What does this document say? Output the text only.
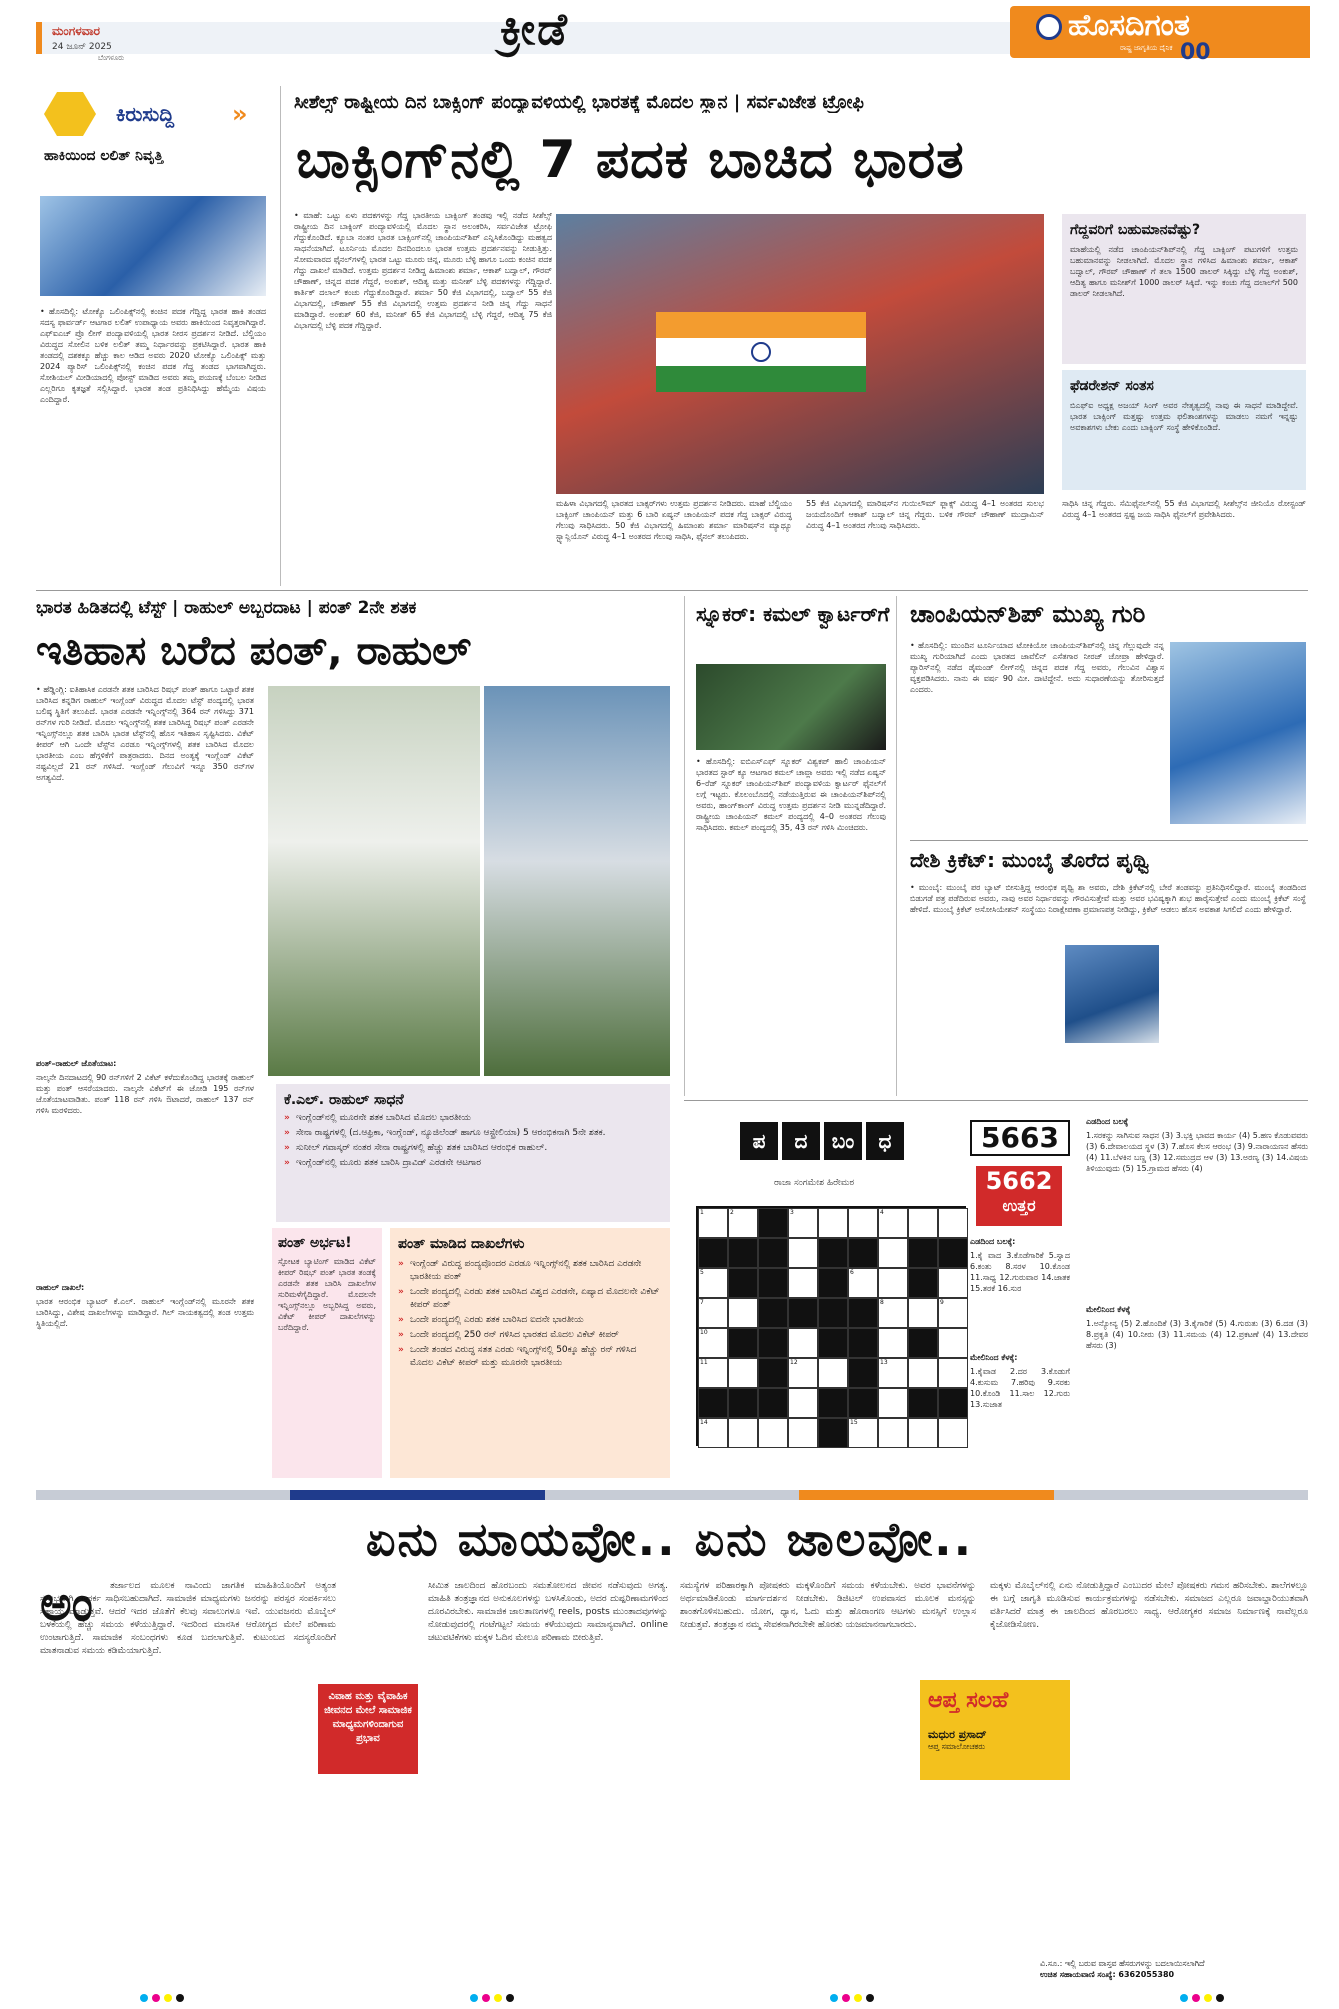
ಮಂಗಳವಾರ
24 ಜೂನ್ 2025
ಬೆಂಗಳೂರು
ಕ್ರೀಡೆ	ಹೊಸದಿಗಂತ
ರಾಷ್ಟ್ರ ಜಾಗೃತಿಯ ದೈನಿಕ 00
ಕಿರುಸುದ್ದಿ »
ಹಾಕಿಯಿಂದ ಲಲಿತ್ ನಿವೃತ್ತಿ
• ಹೊಸದಿಲ್ಲಿ: ಟೋಕ್ಯೊ ಒಲಿಂಪಿಕ್ಸ್‌ನಲ್ಲಿ ಕಂಚಿನ ಪದಕ ಗೆದ್ದಿದ್ದ ಭಾರತ ಹಾಕಿ ತಂಡದ ಸದಸ್ಯ ಫಾರ್ವರ್ಡ್ ಆಟಗಾರ ಲಲಿತ್ ಉಪಾಧ್ಯಾಯ ಅವರು ಹಾಕಿಯಿಂದ ನಿವೃತ್ತರಾಗಿದ್ದಾರೆ. ಎಫ್‌ಐಎಚ್ ಪ್ರೊ ಲೀಗ್ ಪಂದ್ಯಾವಳಿಯಲ್ಲಿ ಭಾರತ ನೀರಸ ಪ್ರದರ್ಶನ ನೀಡಿದೆ. ಬೆಲ್ಜಿಯಂ ವಿರುದ್ಧದ ಸೋಲಿನ ಬಳಿಕ ಲಲಿತ್ ತಮ್ಮ ನಿರ್ಧಾರವನ್ನು ಪ್ರಕಟಿಸಿದ್ದಾರೆ. ಭಾರತ ಹಾಕಿ ತಂಡದಲ್ಲಿ ದಶಕಕ್ಕೂ ಹೆಚ್ಚು ಕಾಲ ಆಡಿದ ಅವರು 2020 ಟೋಕ್ಯೊ ಒಲಿಂಪಿಕ್ಸ್ ಮತ್ತು 2024 ಪ್ಯಾರಿಸ್ ಒಲಿಂಪಿಕ್ಸ್‌ನಲ್ಲಿ ಕಂಚಿನ ಪದಕ ಗೆದ್ದ ತಂಡದ ಭಾಗವಾಗಿದ್ದರು. ಸೋಶಿಯಲ್ ಮೀಡಿಯಾದಲ್ಲಿ ಪೋಸ್ಟ್ ಮಾಡಿದ ಅವರು ತಮ್ಮ ಪಯಣಕ್ಕೆ ಬೆಂಬಲ ನೀಡಿದ ಎಲ್ಲರಿಗೂ ಕೃತಜ್ಞತೆ ಸಲ್ಲಿಸಿದ್ದಾರೆ. ಭಾರತ ತಂಡ ಪ್ರತಿನಿಧಿಸಿದ್ದು ಹೆಮ್ಮೆಯ ವಿಷಯ ಎಂದಿದ್ದಾರೆ.
ಸೀಶೆಲ್ಸ್ ರಾಷ್ಟ್ರೀಯ ದಿನ ಬಾಕ್ಸಿಂಗ್ ಪಂದ್ಯಾವಳಿಯಲ್ಲಿ ಭಾರತಕ್ಕೆ ಮೊದಲ ಸ್ಥಾನ | ಸರ್ವವಿಜೇತ ಟ್ರೋಫಿ
ಬಾಕ್ಸಿಂಗ್‌ನಲ್ಲಿ 7 ಪದಕ ಬಾಚಿದ ಭಾರತ
• ಮಾಹೆ: ಒಟ್ಟು ಏಳು ಪದಕಗಳನ್ನು ಗೆದ್ದ ಭಾರತೀಯ ಬಾಕ್ಸಿಂಗ್ ತಂಡವು ಇಲ್ಲಿ ನಡೆದ ಸೀಶೆಲ್ಸ್ ರಾಷ್ಟ್ರೀಯ ದಿನ ಬಾಕ್ಸಿಂಗ್ ಪಂದ್ಯಾವಳಿಯಲ್ಲಿ ಮೊದಲ ಸ್ಥಾನ ಅಲಂಕರಿಸಿ, ಸರ್ವವಿಜೇತ ಟ್ರೋಫಿ ಗೆದ್ದುಕೊಂಡಿದೆ. ಕ್ಯೂಬಾ ನಂತರ ಭಾರತ ಬಾಕ್ಸಿಂಗ್‌ನಲ್ಲಿ ಚಾಂಪಿಯನ್‌ಶಿಪ್ ಎನ್ನಿಸಿಕೊಂಡಿದ್ದು ಮಹತ್ವದ ಸಾಧನೆಯಾಗಿದೆ. ಟೂರ್ನಿಯ ಮೊದಲ ದಿನದಿಂದಲೂ ಭಾರತ ಉತ್ತಮ ಪ್ರದರ್ಶನವನ್ನು ನೀಡುತ್ತಿತ್ತು. ಸೋಮವಾರದ ಫೈನಲ್‌ಗಳಲ್ಲಿ ಭಾರತ ಒಟ್ಟು ಮೂರು ಚಿನ್ನ, ಮೂರು ಬೆಳ್ಳಿ ಹಾಗೂ ಒಂದು ಕಂಚಿನ ಪದಕ ಗೆದ್ದು ದಾಖಲೆ ಮಾಡಿದೆ. ಉತ್ತಮ ಪ್ರದರ್ಶನ ನೀಡಿದ್ದ ಹಿಮಾಂಶು ಶರ್ಮಾ, ಆಕಾಶ್ ಬದ್ವಾಲ್, ಗೌರವ್ ಚೌಹಾಣ್, ಚಿನ್ನದ ಪದಕ ಗೆದ್ದರೆ, ಅಂಕುಶ್, ಆದಿತ್ಯ ಮತ್ತು ಮನೀಶ್ ಬೆಳ್ಳಿ ಪದಕಗಳನ್ನು ಗೆದ್ದಿದ್ದಾರೆ. ಕಾರ್ತಿಕ್ ದಲಾಲ್ ಕಂಚು ಗೆದ್ದುಕೊಂಡಿದ್ದಾರೆ. ಶರ್ಮಾ 50 ಕೆಜಿ ವಿಭಾಗದಲ್ಲಿ, ಬದ್ವಾಲ್ 55 ಕೆಜಿ ವಿಭಾಗದಲ್ಲಿ, ಚೌಹಾಣ್ 55 ಕೆಜಿ ವಿಭಾಗದಲ್ಲಿ ಉತ್ತಮ ಪ್ರದರ್ಶನ ನೀಡಿ ಚಿನ್ನ ಗೆದ್ದು ಸಾಧನೆ ಮಾಡಿದ್ದಾರೆ. ಅಂಕುಶ್ 60 ಕೆಜಿ, ಮನೀಶ್ 65 ಕೆಜಿ ವಿಭಾಗದಲ್ಲಿ ಬೆಳ್ಳಿ ಗೆದ್ದರೆ, ಆದಿತ್ಯ 75 ಕೆಜಿ ವಿಭಾಗದಲ್ಲಿ ಬೆಳ್ಳಿ ಪದಕ ಗೆದ್ದಿದ್ದಾರೆ.
ಮಹಿಳಾ ವಿಭಾಗದಲ್ಲಿ ಭಾರತದ ಬಾಕ್ಸರ್‌ಗಳು ಉತ್ತಮ ಪ್ರದರ್ಶನ ನೀಡಿದರು. ಮಾಹೆ ಬೆಲ್ಜಿಯಂ ಬಾಕ್ಸಿಂಗ್ ಚಾಂಪಿಯನ್ ಮತ್ತು 6 ಬಾರಿ ಏಷ್ಯನ್ ಚಾಂಪಿಯನ್ ಪದಕ ಗೆದ್ದ ಬಾಕ್ಸರ್ ವಿರುದ್ಧ ಗೆಲುವು ಸಾಧಿಸಿದರು. 50 ಕೆಜಿ ವಿಭಾಗದಲ್ಲಿ ಹಿಮಾಂಶು ಶರ್ಮಾ ಮಾರಿಷಸ್‌ನ ಮ್ಯಾಥ್ಯೂ ಸ್ಟ್ಯಾನ್ಲಿಯೊನ್ ವಿರುದ್ಧ 4–1 ಅಂತರದ ಗೆಲುವು ಸಾಧಿಸಿ, ಫೈನಲ್ ತಲುಪಿದರು.
55 ಕೆಜಿ ವಿಭಾಗದಲ್ಲಿ ಮಾರಿಷಸ್‌ನ ಗುಯಿಲೌಮ್ ಫ್ಲಾಕ್ಸ್ ವಿರುದ್ಧ 4–1 ಅಂತರದ ಸುಲಭ ಜಯದೊಂದಿಗೆ ಆಕಾಶ್ ಬದ್ವಾಲ್ ಚಿನ್ನ ಗೆದ್ದರು. ಬಳಿಕ ಗೌರವ್ ಚೌಹಾಣ್ ಮುದ್ರಾಮಿನ್ ವಿರುದ್ಧ 4–1 ಅಂತರದ ಗೆಲುವು ಸಾಧಿಸಿದರು.
ಗೆದ್ದವರಿಗೆ ಬಹುಮಾನವೆಷ್ಟು?
ಮಾಹೆಯಲ್ಲಿ ನಡೆದ ಚಾಂಪಿಯನ್‌ಶಿಪ್‌ನಲ್ಲಿ ಗೆದ್ದ ಬಾಕ್ಸಿಂಗ್ ಪಟುಗಳಿಗೆ ಉತ್ತಮ ಬಹುಮಾನವನ್ನು ನೀಡಲಾಗಿದೆ. ಮೊದಲ ಸ್ಥಾನ ಗಳಿಸಿದ ಹಿಮಾಂಶು ಶರ್ಮಾ, ಆಕಾಶ್ ಬದ್ವಾಲ್, ಗೌರವ್ ಚೌಹಾಣ್ ಗೆ ತಲಾ 1500 ಡಾಲರ್ ಸಿಕ್ಕಿದ್ದು ಬೆಳ್ಳಿ ಗೆದ್ದ ಅಂಕುಶ್, ಆದಿತ್ಯ ಹಾಗೂ ಮನೀಶ್‌ಗೆ 1000 ಡಾಲರ್ ಸಿಕ್ಕಿದೆ. ಇನ್ನು ಕಂಚು ಗೆದ್ದ ದಲಾಲ್‌ಗೆ 500 ಡಾಲರ್ ನೀಡಲಾಗಿದೆ.
ಫೆಡರೇಶನ್ ಸಂತಸ
ಬಿಎಫ್‌ಐ ಅಧ್ಯಕ್ಷ ಅಜಯ್ ಸಿಂಗ್ ಅವರ ನೇತೃತ್ವದಲ್ಲಿ ನಾವು ಈ ಸಾಧನೆ ಮಾಡಿದ್ದೇವೆ. ಭಾರತ ಬಾಕ್ಸಿಂಗ್ ಮತ್ತಷ್ಟು ಉತ್ತಮ ಫಲಿತಾಂಶಗಳನ್ನು ಮಾಡಲು ನಮಗೆ ಇನ್ನಷ್ಟು ಅವಕಾಶಗಳು ಬೇಕು ಎಂದು ಬಾಕ್ಸಿಂಗ್ ಸಂಸ್ಥೆ ಹೇಳಿಕೊಂಡಿದೆ.
ಸಾಧಿಸಿ ಚಿನ್ನ ಗೆದ್ದರು. ಸೆಮಿಫೈನಲ್‌ನಲ್ಲಿ 55 ಕೆಜಿ ವಿಭಾಗದಲ್ಲಿ ಸೀಶೆಲ್ಸ್‌ನ ಜೀನಿಯೊ ರೋಸ್ಟಂಡ್ ವಿರುದ್ಧ 4–1 ಅಂತರದ ಸ್ಪಷ್ಟ ಜಯ ಸಾಧಿಸಿ ಫೈನಲ್‌ಗೆ ಪ್ರವೇಶಿಸಿದರು.
ಭಾರತ ಹಿಡಿತದಲ್ಲಿ ಟೆಸ್ಟ್ | ರಾಹುಲ್ ಅಬ್ಬರದಾಟ | ಪಂತ್ 2ನೇ ಶತಕ
ಇತಿಹಾಸ ಬರೆದ ಪಂತ್, ರಾಹುಲ್
• ಹೆಡ್ಡಿಂಗ್ಲಿ: ಐತಿಹಾಸಿಕ ಎರಡನೇ ಶತಕ ಬಾರಿಸಿದ ರಿಷಭ್ ಪಂತ್ ಹಾಗೂ ಒಟ್ಟಾರೆ ಶತಕ ಬಾರಿಸಿದ ಕನ್ನಡಿಗ ರಾಹುಲ್ ಇಂಗ್ಲೆಂಡ್ ವಿರುದ್ಧದ ಮೊದಲ ಟೆಸ್ಟ್ ಪಂದ್ಯದಲ್ಲಿ ಭಾರತ ಬಲಿಷ್ಠ ಸ್ಥಿತಿಗೆ ತಲುಪಿದೆ. ಭಾರತ ಎರಡನೇ ಇನ್ನಿಂಗ್ಸ್‌ನಲ್ಲಿ 364 ರನ್ ಗಳಿಸಿದ್ದು 371 ರನ್‌ಗಳ ಗುರಿ ನೀಡಿದೆ. ಮೊದಲ ಇನ್ನಿಂಗ್ಸ್‌ನಲ್ಲಿ ಶತಕ ಬಾರಿಸಿದ್ದ ರಿಷಭ್ ಪಂತ್ ಎರಡನೇ ಇನ್ನಿಂಗ್ಸ್‌ನಲ್ಲೂ ಶತಕ ಬಾರಿಸಿ ಭಾರತ ಟೆಸ್ಟ್‌ನಲ್ಲಿ ಹೊಸ ಇತಿಹಾಸ ಸೃಷ್ಟಿಸಿದರು. ವಿಕೆಟ್ ಕೀಪರ್ ಆಗಿ ಒಂದೇ ಟೆಸ್ಟ್‌ನ ಎರಡೂ ಇನ್ನಿಂಗ್ಸ್‌ಗಳಲ್ಲಿ ಶತಕ ಬಾರಿಸಿದ ಮೊದಲ ಭಾರತೀಯ ಎಂಬ ಹೆಗ್ಗಳಿಕೆಗೆ ಪಾತ್ರರಾದರು. ದಿನದ ಅಂತ್ಯಕ್ಕೆ ಇಂಗ್ಲೆಂಡ್ ವಿಕೆಟ್ ನಷ್ಟವಿಲ್ಲದೆ 21 ರನ್ ಗಳಿಸಿದೆ. ಇಂಗ್ಲೆಂಡ್ ಗೆಲುವಿಗೆ ಇನ್ನೂ 350 ರನ್‌ಗಳ ಅಗತ್ಯವಿದೆ.
ಪಂತ್–ರಾಹುಲ್ ಜೊತೆಯಾಟ:
ನಾಲ್ಕನೇ ದಿನದಾಟದಲ್ಲಿ 90 ರನ್‌ಗಳಿಗೆ 2 ವಿಕೆಟ್ ಕಳೆದುಕೊಂಡಿದ್ದ ಭಾರತಕ್ಕೆ ರಾಹುಲ್ ಮತ್ತು ಪಂತ್ ಆಸರೆಯಾದರು. ನಾಲ್ಕನೇ ವಿಕೆಟ್‌ಗೆ ಈ ಜೋಡಿ 195 ರನ್‌ಗಳ ಜೊತೆಯಾಟವಾಡಿತು. ಪಂತ್ 118 ರನ್ ಗಳಿಸಿ ಔಟಾದರೆ, ರಾಹುಲ್ 137 ರನ್ ಗಳಿಸಿ ಮರಳಿದರು.
ರಾಹುಲ್ ದಾಖಲೆ:
ಭಾರತ ಆರಂಭಿಕ ಬ್ಯಾಟರ್ ಕೆ.ಎಲ್. ರಾಹುಲ್ ಇಂಗ್ಲೆಂಡ್‌ನಲ್ಲಿ ಮೂರನೇ ಶತಕ ಬಾರಿಸಿದ್ದು, ವಿಶೇಷ ದಾಖಲೆಗಳನ್ನು ಮಾಡಿದ್ದಾರೆ. ಗಿಲ್ ನಾಯಕತ್ವದಲ್ಲಿ ತಂಡ ಉತ್ತಮ ಸ್ಥಿತಿಯಲ್ಲಿದೆ.
ಕೆ.ಎಲ್. ರಾಹುಲ್ ಸಾಧನೆ
» ಇಂಗ್ಲೆಂಡ್‌ನಲ್ಲಿ ಮೂರನೇ ಶತಕ ಬಾರಿಸಿದ ಮೊದಲ ಭಾರತೀಯ
» ಸೇನಾ ರಾಷ್ಟ್ರಗಳಲ್ಲಿ (ದ.ಆಫ್ರಿಕಾ, ಇಂಗ್ಲೆಂಡ್, ನ್ಯೂಜಿಲೆಂಡ್ ಹಾಗೂ ಆಸ್ಟ್ರೇಲಿಯಾ) 5 ಆರಂಭಿಕನಾಗಿ 5ನೇ ಶತಕ.
» ಸುನೀಲ್ ಗವಾಸ್ಕರ್ ನಂತರ ಸೇನಾ ರಾಷ್ಟ್ರಗಳಲ್ಲಿ ಹೆಚ್ಚು ಶತಕ ಬಾರಿಸಿದ ಆರಂಭಿಕ ರಾಹುಲ್.
» ಇಂಗ್ಲೆಂಡ್‌ನಲ್ಲಿ ಮೂರು ಶತಕ ಬಾರಿಸಿ ದ್ರಾವಿಡ್ ಎರಡನೇ ಆಟಗಾರ
ಪಂತ್ ಅರ್ಭಟ!
ಸ್ಫೋಟಕ ಬ್ಯಾಟಿಂಗ್ ಮಾಡಿದ ವಿಕೆಟ್ ಕೀಪರ್ ರಿಷಭ್ ಪಂತ್ ಭಾರತ ತಂಡಕ್ಕೆ ಎರಡನೇ ಶತಕ ಬಾರಿಸಿ ದಾಖಲೆಗಳ ಸುರಿಮಳೆಗೈದಿದ್ದಾರೆ. ಮೊದಲನೇ ಇನ್ನಿಂಗ್ಸ್‌ನಲ್ಲೂ ಅಬ್ಬರಿಸಿದ್ದ ಅವರು, ವಿಕೆಟ್ ಕೀಪರ್ ದಾಖಲೆಗಳನ್ನು ಬರೆದಿದ್ದಾರೆ.
ಪಂತ್ ಮಾಡಿದ ದಾಖಲೆಗಳು
» ಇಂಗ್ಲೆಂಡ್ ವಿರುದ್ಧ ಪಂದ್ಯವೊಂದರ ಎರಡೂ ಇನ್ನಿಂಗ್ಸ್‌ನಲ್ಲಿ ಶತಕ ಬಾರಿಸಿದ ಎರಡನೇ ಭಾರತೀಯ ಪಂತ್
» ಒಂದೇ ಪಂದ್ಯದಲ್ಲಿ ಎರಡು ಶತಕ ಬಾರಿಸಿದ ವಿಶ್ವದ ಎರಡನೇ, ಏಷ್ಯಾದ ಮೊದಲನೇ ವಿಕೆಟ್ ಕೀಪರ್ ಪಂತ್
» ಒಂದೇ ಪಂದ್ಯದಲ್ಲಿ ಎರಡು ಶತಕ ಬಾರಿಸಿದ ಐದನೇ ಭಾರತೀಯ
» ಒಂದೇ ಪಂದ್ಯದಲ್ಲಿ 250 ರನ್ ಗಳಿಸಿದ ಭಾರತದ ಮೊದಲ ವಿಕೆಟ್ ಕೀಪರ್
» ಒಂದೇ ತಂಡದ ವಿರುದ್ಧ ಸತತ ಎರಡು ಇನ್ನಿಂಗ್ಸ್‌ನಲ್ಲಿ 50ಕ್ಕೂ ಹೆಚ್ಚು ರನ್ ಗಳಿಸಿದ ಮೊದಲ ವಿಕೆಟ್ ಕೀಪರ್ ಮತ್ತು ಮೂರನೇ ಭಾರತೀಯ
ಸ್ನೂಕರ್: ಕಮಲ್ ಕ್ವಾರ್ಟರ್‌ಗೆ
• ಹೊಸದಿಲ್ಲಿ: ಐಬಿಎಸ್‌ಎಫ್ ಸ್ನೂಕರ್ ವಿಶ್ವಕಪ್ ಹಾಲಿ ಚಾಂಪಿಯನ್ ಭಾರತದ ಸ್ಟಾರ್ ಕ್ಯೂ ಆಟಗಾರ ಕಮಲ್ ಚಾವ್ಲಾ ಅವರು ಇಲ್ಲಿ ನಡೆದ ಏಷ್ಯನ್ 6–ರೆಡ್ ಸ್ನೂಕರ್ ಚಾಂಪಿಯನ್‌ಶಿಪ್ ಪಂದ್ಯಾವಳಿಯ ಕ್ವಾರ್ಟರ್ ಫೈನಲ್‌ಗೆ ಲಗ್ಗೆ ಇಟ್ಟರು. ಕೊಲಂಬೊದಲ್ಲಿ ನಡೆಯುತ್ತಿರುವ ಈ ಚಾಂಪಿಯನ್‌ಶಿಪ್‌ನಲ್ಲಿ ಅವರು, ಹಾಂಗ್‌ಕಾಂಗ್ ವಿರುದ್ಧ ಉತ್ತಮ ಪ್ರದರ್ಶನ ನೀಡಿ ಮುನ್ನಡೆದಿದ್ದಾರೆ. ರಾಷ್ಟ್ರೀಯ ಚಾಂಪಿಯನ್ ಕಮಲ್ ಪಂದ್ಯದಲ್ಲಿ 4–0 ಅಂತರದ ಗೆಲುವು ಸಾಧಿಸಿದರು. ಕಮಲ್ ಪಂದ್ಯದಲ್ಲಿ 35, 43 ರನ್ ಗಳಿಸಿ ಮಿಂಚಿದರು.
ಚಾಂಪಿಯನ್‌ಶಿಪ್ ಮುಖ್ಯ ಗುರಿ
• ಹೊಸದಿಲ್ಲಿ: ಮುಂದಿನ ಟೂರ್ನಿಯಾದ ಟೋಕಿಯೋ ಚಾಂಪಿಯನ್‌ಶಿಪ್‌ನಲ್ಲಿ ಚಿನ್ನ ಗೆಲ್ಲುವುದೇ ನನ್ನ ಮುಖ್ಯ ಗುರಿಯಾಗಿದೆ ಎಂದು ಭಾರತದ ಜಾವೆಲಿನ್ ಎಸೆತಗಾರ ನೀರಜ್ ಚೋಪ್ರಾ ಹೇಳಿದ್ದಾರೆ. ಪ್ಯಾರಿಸ್‌ನಲ್ಲಿ ನಡೆದ ಡೈಮಂಡ್ ಲೀಗ್‌ನಲ್ಲಿ ಚಿನ್ನದ ಪದಕ ಗೆದ್ದ ಅವರು, ಗೆಲುವಿನ ವಿಶ್ವಾಸ ವ್ಯಕ್ತಪಡಿಸಿದರು. ನಾನು ಈ ವರ್ಷ 90 ಮೀ. ದಾಟಿದ್ದೇನೆ. ಅದು ಸುಧಾರಣೆಯನ್ನು ತೋರಿಸುತ್ತದೆ ಎಂದರು.
ದೇಶಿ ಕ್ರಿಕೆಟ್: ಮುಂಬೈ ತೊರೆದ ಪೃಥ್ವಿ
• ಮುಂಬೈ: ಮುಂಬೈ ಪರ ಬ್ಯಾಟ್ ಬೀಸುತ್ತಿದ್ದ ಆರಂಭಿಕ ಪೃಥ್ವಿ ಶಾ ಅವರು, ದೇಶಿ ಕ್ರಿಕೆಟ್‌ನಲ್ಲಿ ಬೇರೆ ತಂಡವನ್ನು ಪ್ರತಿನಿಧಿಸಲಿದ್ದಾರೆ. ಮುಂಬೈ ತಂಡದಿಂದ ಬಿಡುಗಡೆ ಪತ್ರ ಪಡೆದಿರುವ ಅವರು, ನಾವು ಅವರ ನಿರ್ಧಾರವನ್ನು ಗೌರವಿಸುತ್ತೇವೆ ಮತ್ತು ಅವರ ಭವಿಷ್ಯಕ್ಕಾಗಿ ಶುಭ ಹಾರೈಸುತ್ತೇವೆ ಎಂದು ಮುಂಬೈ ಕ್ರಿಕೆಟ್ ಸಂಸ್ಥೆ ಹೇಳಿದೆ. ಮುಂಬೈ ಕ್ರಿಕೆಟ್ ಅಸೋಸಿಯೇಶನ್ ಸಂಸ್ಥೆಯು ನಿರಾಕ್ಷೇಪಣಾ ಪ್ರಮಾಣಪತ್ರ ನೀಡಿದ್ದು, ಕ್ರಿಕೆಟ್ ಆಡಲು ಹೊಸ ಅವಕಾಶ ಸಿಗಲಿದೆ ಎಂದು ಹೇಳಿದ್ದಾರೆ.
ಪ	ದ	ಬಂ	ಧ
ರಾಜಾ ಸಂಗಮೇಶ ಹಿರೇಮಠ
1	2	3	4
5	6
7	8	9
10
11	12	13
14	15
5663
5662
ಉತ್ತರ
ಎಡದಿಂದ ಬಲಕ್ಕೆ:
1.ಕೈ ವಾದ 3.ಕೊಡೆಗಾರಿಕೆ 5.ಸ್ವಾದ 6.ಕಂತು 8.ಸರಳ 10.ಕೊಂಡ 11.ಸಾಧ್ಯ 12.ಗುರುವಾರ 14.ಜಾತಕ 15.ತರಕೆ 16.ಸುರ
ಮೇಲಿನಿಂದ ಕೆಳಕ್ಕೆ:
1.ಕೈವಾಡ 2.ದರ 3.ಕೊಡುಗೆ 4.ಕುಸುಮ 7.ಹರಿವು 9.ಸರಕು 10.ಕೊಂಡಿ 11.ಸಾಲ 12.ಗುರು 13.ಸುಜಾತ
ಎಡದಿಂದ ಬಲಕ್ಕೆ
1.ಸರಕನ್ನು ಸಾಗಿಸುವ ಸಾಧನ (3) 3.ಭಕ್ತಿ ಭಾವದ ಕಾರ್ಯ (4) 5.ಹಣ ಕೊಡುವವರು (3) 6.ದೇವಾಲಯದ ಸ್ಥಳ (3) 7.ಹೊಸ ಕೆಲಸ ಆರಂಭ (3) 9.ನಾರಾಯಣನ ಹೆಸರು (4) 11.ಬೆಳಕಿನ ಬಣ್ಣ (3) 12.ಸಮುದ್ರದ ಆಳ (3) 13.ಅರಣ್ಯ (3) 14.ವಿಷಯ ತಿಳಿಯುವುದು (5) 15.ಗ್ರಾಮದ ಹೆಸರು (4)
ಮೇಲಿನಿಂದ ಕೆಳಕ್ಕೆ
1.ಅನ್ಯೋನ್ಯ (5) 2.ಹೊಂದಿಕೆ (3) 3.ಕೈಗಾರಿಕೆ (5) 4.ಗುರುತು (3) 6.ದಡ (3) 8.ಪ್ರಕೃತಿ (4) 10.ನೀರು (3) 11.ಸಮಯ (4) 12.ಪ್ರಕಟಣೆ (4) 13.ದೇವರ ಹೆಸರು (3)
ಏನು ಮಾಯವೋ.. ಏನು ಜಾಲವೋ..
ಅಂ	ತರ್ಜಾಲದ ಮೂಲಕ ನಾವಿಂದು ಜಾಗತಿಕ ಮಾಹಿತಿಯೊಂದಿಗೆ ಅತ್ಯಂತ ಸುಲಭವಾಗಿ ಸಂಪರ್ಕ ಸಾಧಿಸಬಹುದಾಗಿದೆ. ಸಾಮಾಜಿಕ ಮಾಧ್ಯಮಗಳು ಜನರನ್ನು ಪರಸ್ಪರ ಸಂಪರ್ಕಿಸಲು ಸಹಾಯ ಮಾಡುತ್ತವೆ. ಆದರೆ ಇದರ ಜೊತೆಗೆ ಕೆಲವು ಸವಾಲುಗಳೂ ಇವೆ. ಯುವಜನರು ಮೊಬೈಲ್ ಬಳಕೆಯಲ್ಲಿ ಹೆಚ್ಚು ಸಮಯ ಕಳೆಯುತ್ತಿದ್ದಾರೆ. ಇದರಿಂದ ಮಾನಸಿಕ ಆರೋಗ್ಯದ ಮೇಲೆ ಪರಿಣಾಮ ಉಂಟಾಗುತ್ತಿದೆ. ಸಾಮಾಜಿಕ ಸಂಬಂಧಗಳು ಕೂಡ ಬದಲಾಗುತ್ತಿವೆ. ಕುಟುಂಬದ ಸದಸ್ಯರೊಂದಿಗೆ ಮಾತನಾಡುವ ಸಮಯ ಕಡಿಮೆಯಾಗುತ್ತಿದೆ.
ವಿವಾಹ ಮತ್ತು ವೈವಾಹಿಕ ಜೀವನದ ಮೇಲೆ ಸಾಮಾಜಿಕ ಮಾಧ್ಯಮಗಳಿಂದಾಗುವ ಪ್ರಭಾವ
ಸೀಮಿತ ಜಾಲದಿಂದ ಹೊರಬಂದು ಸಮತೋಲನದ ಜೀವನ ನಡೆಸುವುದು ಅಗತ್ಯ. ಮಾಹಿತಿ ತಂತ್ರಜ್ಞಾನದ ಅನುಕೂಲಗಳನ್ನು ಬಳಸಿಕೊಂಡು, ಅದರ ದುಷ್ಪರಿಣಾಮಗಳಿಂದ ದೂರವಿರಬೇಕು. ಸಾಮಾಜಿಕ ಜಾಲತಾಣಗಳಲ್ಲಿ reels, posts ಮುಂತಾದವುಗಳನ್ನು ನೋಡುವುದರಲ್ಲಿ ಗಂಟೆಗಟ್ಟಲೆ ಸಮಯ ಕಳೆಯುವುದು ಸಾಮಾನ್ಯವಾಗಿದೆ. online ಚಟುವಟಿಕೆಗಳು ಮಕ್ಕಳ ಓದಿನ ಮೇಲೂ ಪರಿಣಾಮ ಬೀರುತ್ತಿವೆ.
ಸಮಸ್ಯೆಗಳ ಪರಿಹಾರಕ್ಕಾಗಿ ಪೋಷಕರು ಮಕ್ಕಳೊಂದಿಗೆ ಸಮಯ ಕಳೆಯಬೇಕು. ಅವರ ಭಾವನೆಗಳನ್ನು ಅರ್ಥಮಾಡಿಕೊಂಡು ಮಾರ್ಗದರ್ಶನ ನೀಡಬೇಕು. ಡಿಜಿಟಲ್ ಉಪವಾಸದ ಮೂಲಕ ಮನಸ್ಸನ್ನು ಶಾಂತಗೊಳಿಸಬಹುದು. ಯೋಗ, ಧ್ಯಾನ, ಓದು ಮತ್ತು ಹೊರಾಂಗಣ ಆಟಗಳು ಮನಸ್ಸಿಗೆ ಉಲ್ಲಾಸ ನೀಡುತ್ತವೆ. ತಂತ್ರಜ್ಞಾನ ನಮ್ಮ ಸೇವಕನಾಗಿರಬೇಕೇ ಹೊರತು ಯಜಮಾನನಾಗಬಾರದು.
ಆಪ್ತ ಸಲಹೆ
ಮಧುರ ಪ್ರಸಾದ್
ಆಪ್ತ ಸಮಾಲೋಚಕರು
ಮಕ್ಕಳು ಮೊಬೈಲ್‌ನಲ್ಲಿ ಏನು ನೋಡುತ್ತಿದ್ದಾರೆ ಎಂಬುದರ ಮೇಲೆ ಪೋಷಕರು ಗಮನ ಹರಿಸಬೇಕು. ಶಾಲೆಗಳಲ್ಲೂ ಈ ಬಗ್ಗೆ ಜಾಗೃತಿ ಮೂಡಿಸುವ ಕಾರ್ಯಕ್ರಮಗಳನ್ನು ನಡೆಸಬೇಕು. ಸಮಾಜದ ಎಲ್ಲರೂ ಜವಾಬ್ದಾರಿಯುತವಾಗಿ ವರ್ತಿಸಿದರೆ ಮಾತ್ರ ಈ ಜಾಲದಿಂದ ಹೊರಬರಲು ಸಾಧ್ಯ. ಆರೋಗ್ಯಕರ ಸಮಾಜ ನಿರ್ಮಾಣಕ್ಕೆ ನಾವೆಲ್ಲರೂ ಕೈಜೋಡಿಸೋಣ.
ವಿ.ಸೂ.: ಇಲ್ಲಿ ಬರುವ ವಾಸ್ತವ ಹೆಸರುಗಳನ್ನು ಬದಲಾಯಿಸಲಾಗಿದೆ
ಉಚಿತ ಸಹಾಯವಾಣಿ ಸಂಖ್ಯೆ: 6362055380
